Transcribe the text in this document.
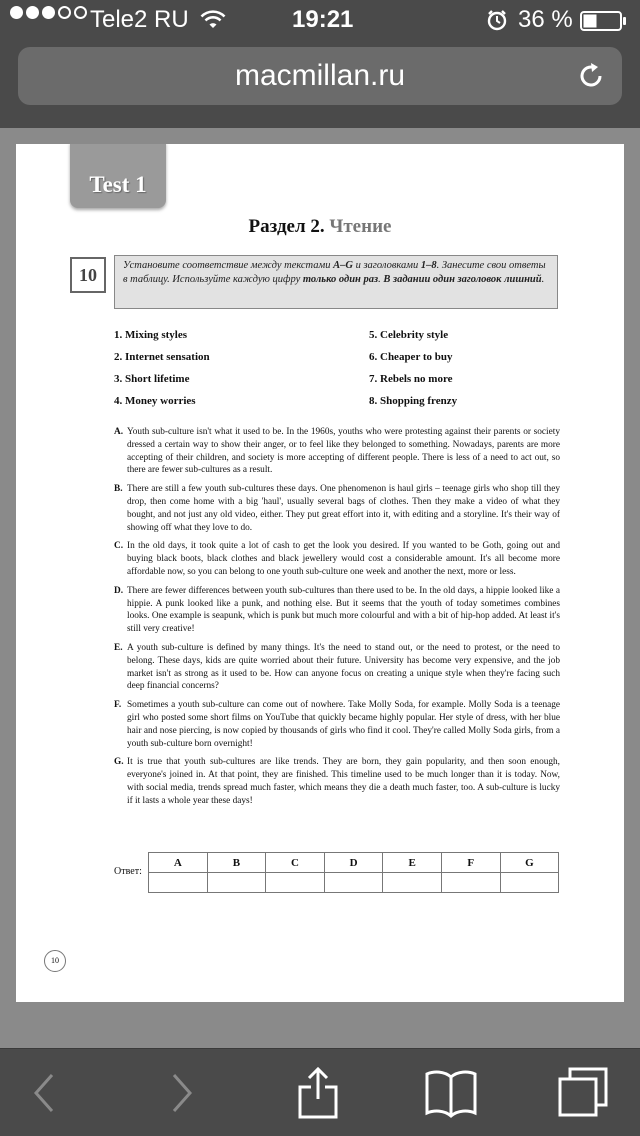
Tele2 RU	19:21	36 %
macmillan.ru
Test 1
Раздел 2. Чтение
10	Установите соответствие между текстами A–G и заголовками 1–8. Занесите свои ответы в таблицу. Используйте каждую цифру только один раз. В задании один заголовок лишний.
1. Mixing styles
2. Internet sensation
3. Short lifetime
4. Money worries
5. Celebrity style
6. Cheaper to buy
7. Rebels no more
8. Shopping frenzy
A. Youth sub-culture isn't what it used to be. In the 1960s, youths who were protesting against their parents or society dressed a certain way to show their anger, or to feel like they belonged to something. Nowadays, parents are more accepting of their children, and society is more accepting of different people. There is less of a need to act out, so there are fewer sub-cultures as a result.
B. There are still a few youth sub-cultures these days. One phenomenon is haul girls – teenage girls who shop till they drop, then come home with a big 'haul', usually several bags of clothes. Then they make a video of what they bought, and not just any old video, either. They put great effort into it, with editing and a storyline. It's their way of showing off what they love to do.
C. In the old days, it took quite a lot of cash to get the look you desired. If you wanted to be Goth, going out and buying black boots, black clothes and black jewellery would cost a considerable amount. It's all become more affordable now, so you can belong to one youth sub-culture one week and another the next, more or less.
D. There are fewer differences between youth sub-cultures than there used to be. In the old days, a hippie looked like a hippie. A punk looked like a punk, and nothing else. But it seems that the youth of today sometimes combines looks. One example is seapunk, which is punk but much more colourful and with a bit of hip-hop added. At least it's still very creative!
E. A youth sub-culture is defined by many things. It's the need to stand out, or the need to protest, or the need to belong. These days, kids are quite worried about their future. University has become very expensive, and the job market isn't as strong as it used to be. How can anyone focus on creating a unique style when they're facing such deep financial concerns?
F. Sometimes a youth sub-culture can come out of nowhere. Take Molly Soda, for example. Molly Soda is a teenage girl who posted some short films on YouTube that quickly became highly popular. Her style of dress, with her blue hair and nose piercing, is now copied by thousands of girls who find it cool. They're called Molly Soda girls, from a youth sub-culture born overnight!
G. It is true that youth sub-cultures are like trends. They are born, they gain popularity, and then soon enough, everyone's joined in. At that point, they are finished. This timeline used to be much longer than it is today. Now, with social media, trends spread much faster, which means they die a death much faster, too. A sub-culture is lucky if it lasts a whole year these days!
Ответ:
A	B	C	D	E	F	G

10
